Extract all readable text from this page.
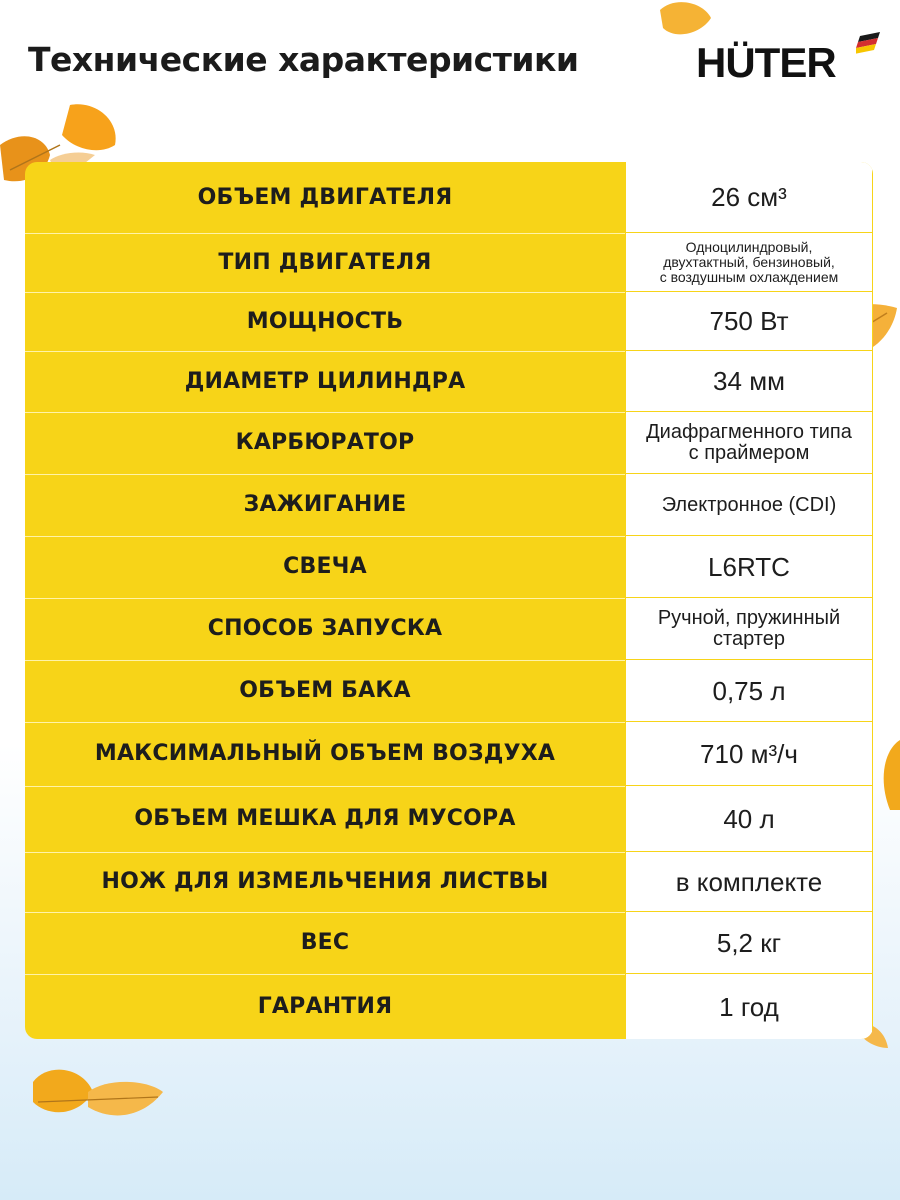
Технические характеристики	HÜTER
ОБЪЕМ ДВИГАТЕЛЯ	26 см³
ТИП ДВИГАТЕЛЯ
Одноцилиндровый,
двухтактный, бензиновый,
с воздушным охлаждением
МОЩНОСТЬ	750 Вт
ДИАМЕТР ЦИЛИНДРА	34 мм
КАРБЮРАТОР	Диафрагменного типа
с праймером
ЗАЖИГАНИЕ	Электронное (CDI)
СВЕЧА	L6RTC
СПОСОБ ЗАПУСКА	Ручной, пружинный
стартер
ОБЪЕМ БАКА	0,75 л
МАКСИМАЛЬНЫЙ ОБЪЕМ ВОЗДУХА	710 м³/ч
ОБЪЕМ МЕШКА ДЛЯ МУСОРА	40 л
НОЖ ДЛЯ ИЗМЕЛЬЧЕНИЯ ЛИСТВЫ	в комплекте
ВЕС	5,2 кг
ГАРАНТИЯ	1 год
